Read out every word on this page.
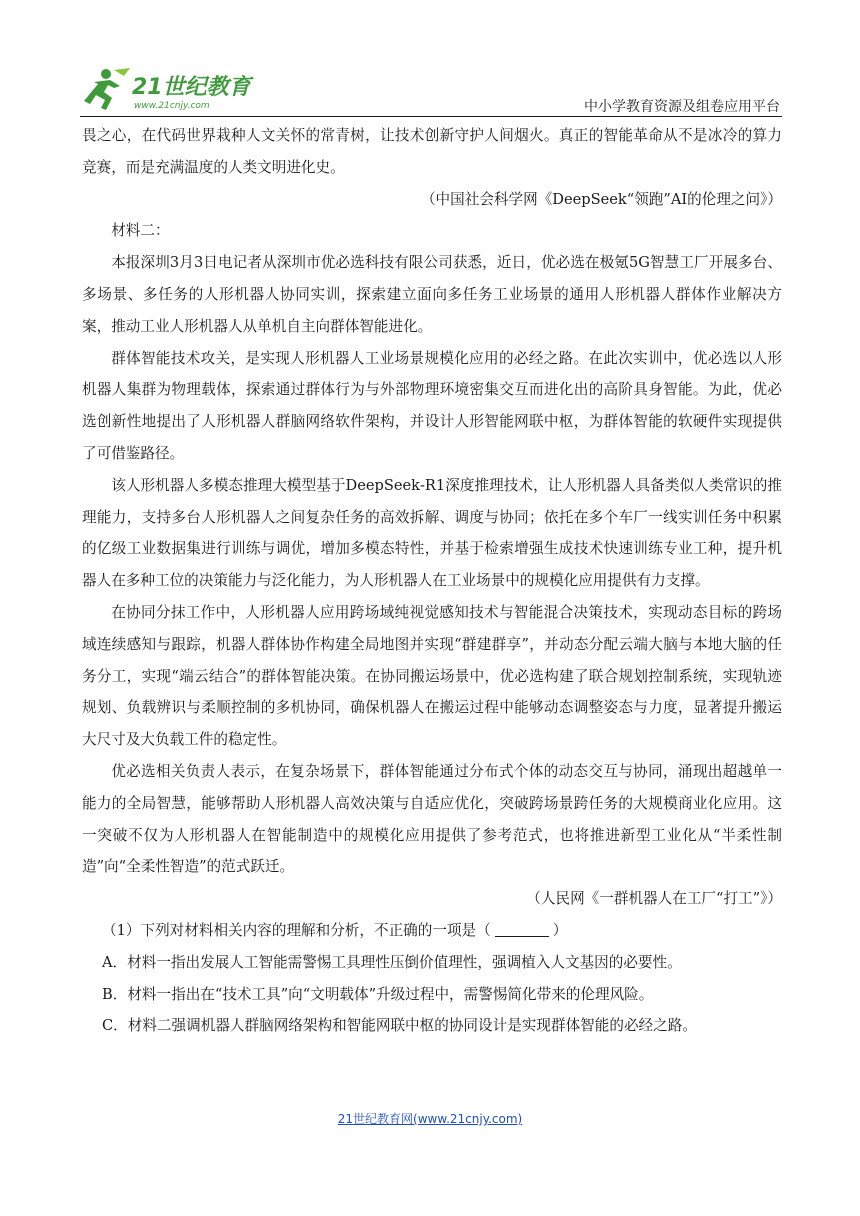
21世纪教育
www.21cnjy.com	中小学教育资源及组卷应用平台

畏之心，在代码世界栽种人文关怀的常青树，让技术创新守护人间烟火。真正的智能革命从不是冰冷的算力竞赛，而是充满温度的人类文明进化史。

（中国社会科学网《DeepSeek“领跑”AI的伦理之问》）

材料二：

本报深圳3月3日电记者从深圳市优必选科技有限公司获悉，近日，优必选在极氪5G智慧工厂开展多台、多场景、多任务的人形机器人协同实训，探索建立面向多任务工业场景的通用人形机器人群体作业解决方案，推动工业人形机器人从单机自主向群体智能进化。

群体智能技术攻关，是实现人形机器人工业场景规模化应用的必经之路。在此次实训中，优必选以人形机器人集群为物理载体，探索通过群体行为与外部物理环境密集交互而进化出的高阶具身智能。为此，优必选创新性地提出了人形机器人群脑网络软件架构，并设计人形智能网联中枢，为群体智能的软硬件实现提供了可借鉴路径。

该人形机器人多模态推理大模型基于DeepSeek‐R1深度推理技术，让人形机器人具备类似人类常识的推理能力，支持多台人形机器人之间复杂任务的高效拆解、调度与协同；依托在多个车厂一线实训任务中积累的亿级工业数据集进行训练与调优，增加多模态特性，并基于检索增强生成技术快速训练专业工种，提升机器人在多种工位的决策能力与泛化能力，为人形机器人在工业场景中的规模化应用提供有力支撑。

在协同分抹工作中，人形机器人应用跨场域纯视觉感知技术与智能混合决策技术，实现动态目标的跨场域连续感知与跟踪，机器人群体协作构建全局地图并实现“群建群享”，并动态分配云端大脑与本地大脑的任务分工，实现“端云结合”的群体智能决策。在协同搬运场景中，优必选构建了联合规划控制系统，实现轨迹规划、负载辨识与柔顺控制的多机协同，确保机器人在搬运过程中能够动态调整姿态与力度，显著提升搬运大尺寸及大负载工件的稳定性。

优必选相关负责人表示，在复杂场景下，群体智能通过分布式个体的动态交互与协同，涌现出超越单一能力的全局智慧，能够帮助人形机器人高效决策与自适应优化，突破跨场景跨任务的大规模商业化应用。这一突破不仅为人形机器人在智能制造中的规模化应用提供了参考范式，也将推进新型工业化从“半柔性制造”向“全柔性智造”的范式跃迁。

（人民网《一群机器人在工厂“打工”》）

（1）下列对材料相关内容的理解和分析，不正确的一项是（	）

A．材料一指出发展人工智能需警惕工具理性压倒价值理性，强调植入人文基因的必要性。

B．材料一指出在“技术工具”向“文明载体”升级过程中，需警惕简化带来的伦理风险。

C．材料二强调机器人群脑网络架构和智能网联中枢的协同设计是实现群体智能的必经之路。

21世纪教育网(www.21cnjy.com)
